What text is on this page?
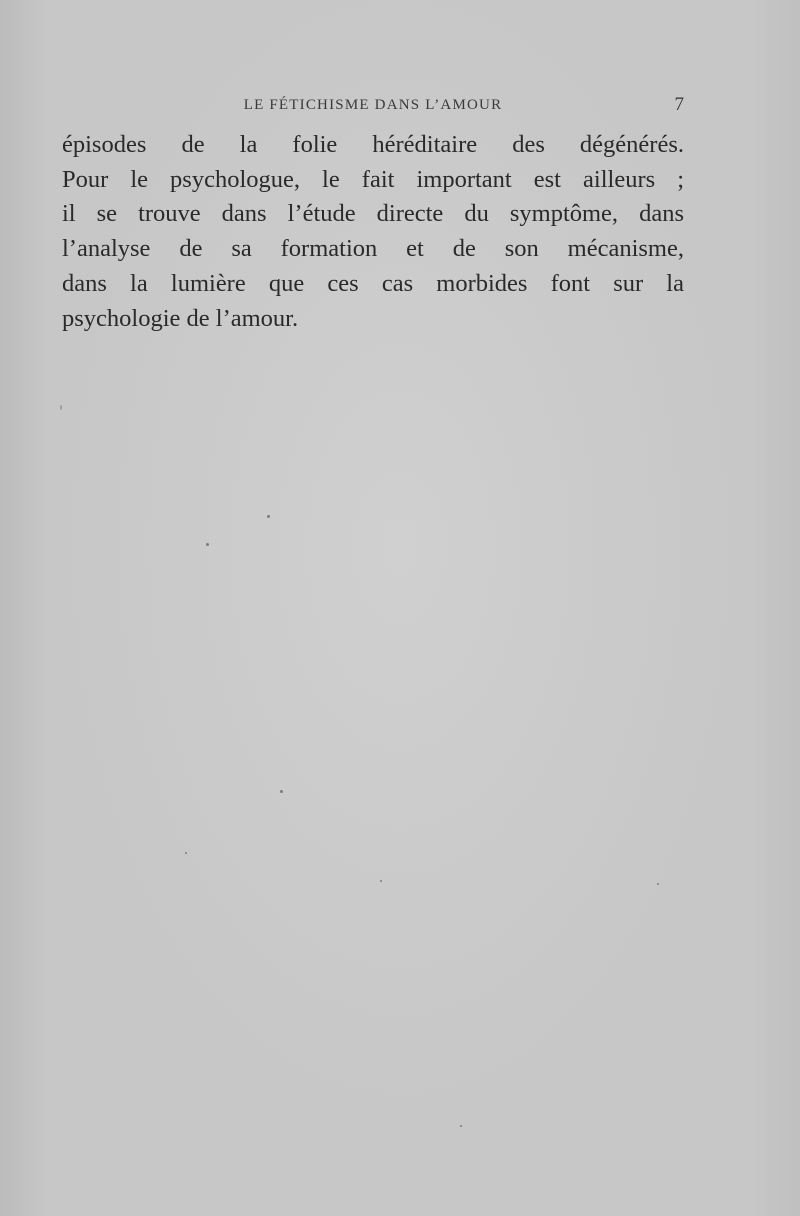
LE FÉTICHISME DANS L’AMOUR	7
épisodes de la folie héréditaire des dégénérés.
Pour le psychologue, le fait important est ailleurs ;
il se trouve dans l’étude directe du symptôme, dans
l’analyse de sa formation et de son mécanisme,
dans la lumière que ces cas morbides font sur la
psychologie de l’amour.
